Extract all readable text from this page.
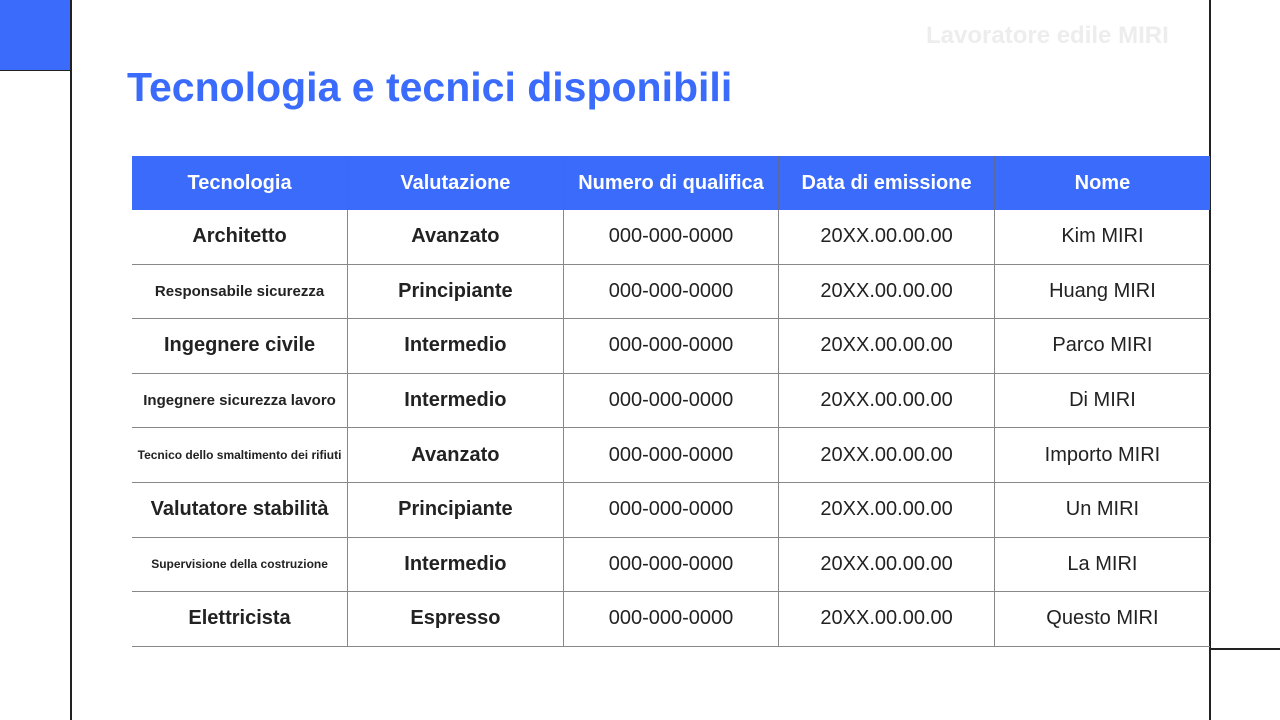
Lavoratore edile MIRI
Tecnologia e tecnici disponibili
Tecnologia	Valutazione	Numero di qualifica	Data di emissione	Nome
Architetto	Avanzato	000-000-0000	20XX.00.00.00	Kim MIRI
Responsabile sicurezza	Principiante	000-000-0000	20XX.00.00.00	Huang MIRI
Ingegnere civile	Intermedio	000-000-0000	20XX.00.00.00	Parco MIRI
Ingegnere sicurezza lavoro	Intermedio	000-000-0000	20XX.00.00.00	Di MIRI
Tecnico dello smaltimento dei rifiuti	Avanzato	000-000-0000	20XX.00.00.00	Importo MIRI
Valutatore stabilità	Principiante	000-000-0000	20XX.00.00.00	Un MIRI
Supervisione della costruzione	Intermedio	000-000-0000	20XX.00.00.00	La MIRI
Elettricista	Espresso	000-000-0000	20XX.00.00.00	Questo MIRI
